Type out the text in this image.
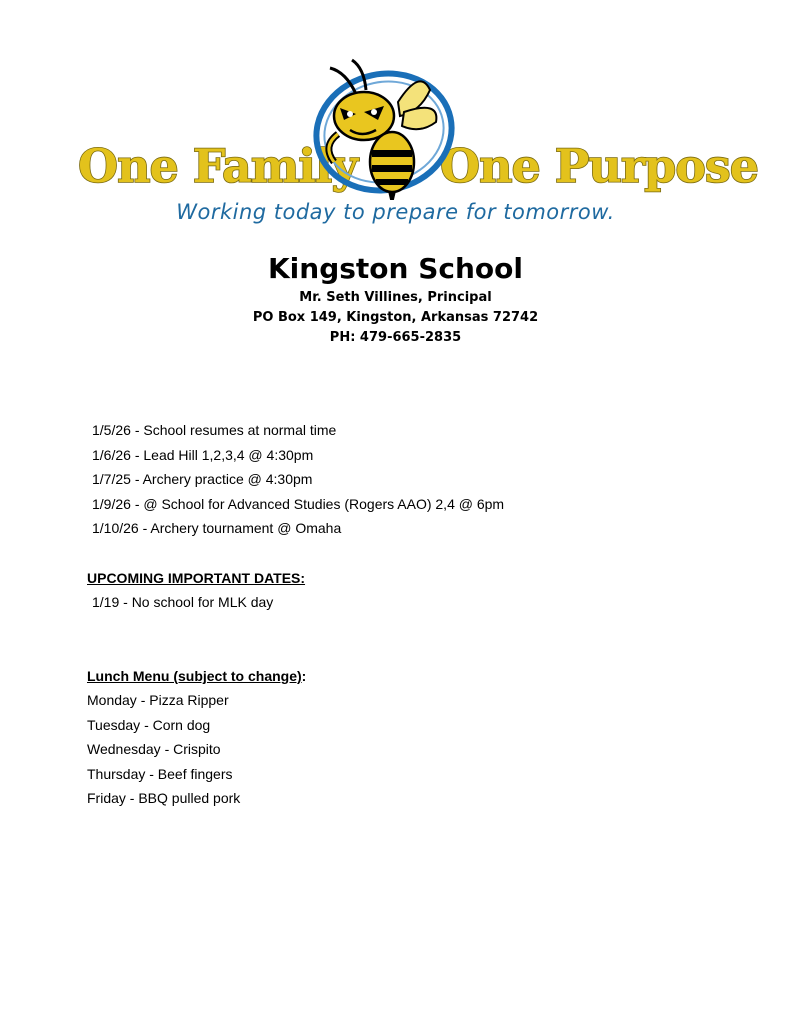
One Family One Purpose
Working today to prepare for tomorrow.
Kingston School
Mr. Seth Villines, Principal
PO Box 149, Kingston, Arkansas 72742
PH: 479-665-2835
1/5/26 - School resumes at normal time
1/6/26 - Lead Hill 1,2,3,4 @ 4:30pm
1/7/25 - Archery practice @ 4:30pm
1/9/26 - @ School for Advanced Studies (Rogers AAO) 2,4 @ 6pm
1/10/26 - Archery tournament @ Omaha
UPCOMING IMPORTANT DATES:
1/19 - No school for MLK day
Lunch Menu (subject to change):
Monday - Pizza Ripper
Tuesday - Corn dog
Wednesday - Crispito
Thursday - Beef fingers
Friday - BBQ pulled pork
